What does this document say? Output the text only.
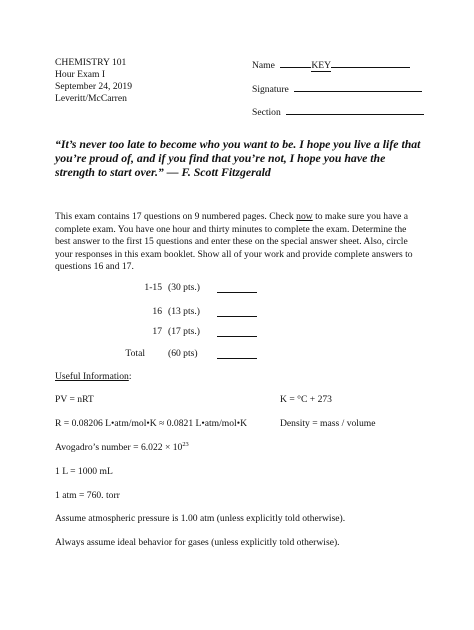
CHEMISTRY 101
Hour Exam I
September 24, 2019
Leveritt/McCarren
Name	KEY
Signature
Section
“It’s never too late to become who you want to be. I hope you live a life that you’re proud of, and if you find that you’re not, I hope you have the strength to start over.” — F. Scott Fitzgerald
This exam contains 17 questions on 9 numbered pages. Check now to make sure you have a complete exam. You have one hour and thirty minutes to complete the exam. Determine the best answer to the first 15 questions and enter these on the special answer sheet. Also, circle your responses in this exam booklet. Show all of your work and provide complete answers to questions 16 and 17.
1-15 (30 pts.)
16 (13 pts.)
17 (17 pts.)
Total (60 pts)
Useful Information:
PV = nRT	K = °C + 273
R = 0.08206 L•atm/mol•K ≈ 0.0821 L•atm/mol•K	Density = mass / volume
Avogadro’s number = $6.022 \times 10^{23}$
1 L = 1000 mL
1 atm = 760. torr
Assume atmospheric pressure is 1.00 atm (unless explicitly told otherwise).
Always assume ideal behavior for gases (unless explicitly told otherwise).
